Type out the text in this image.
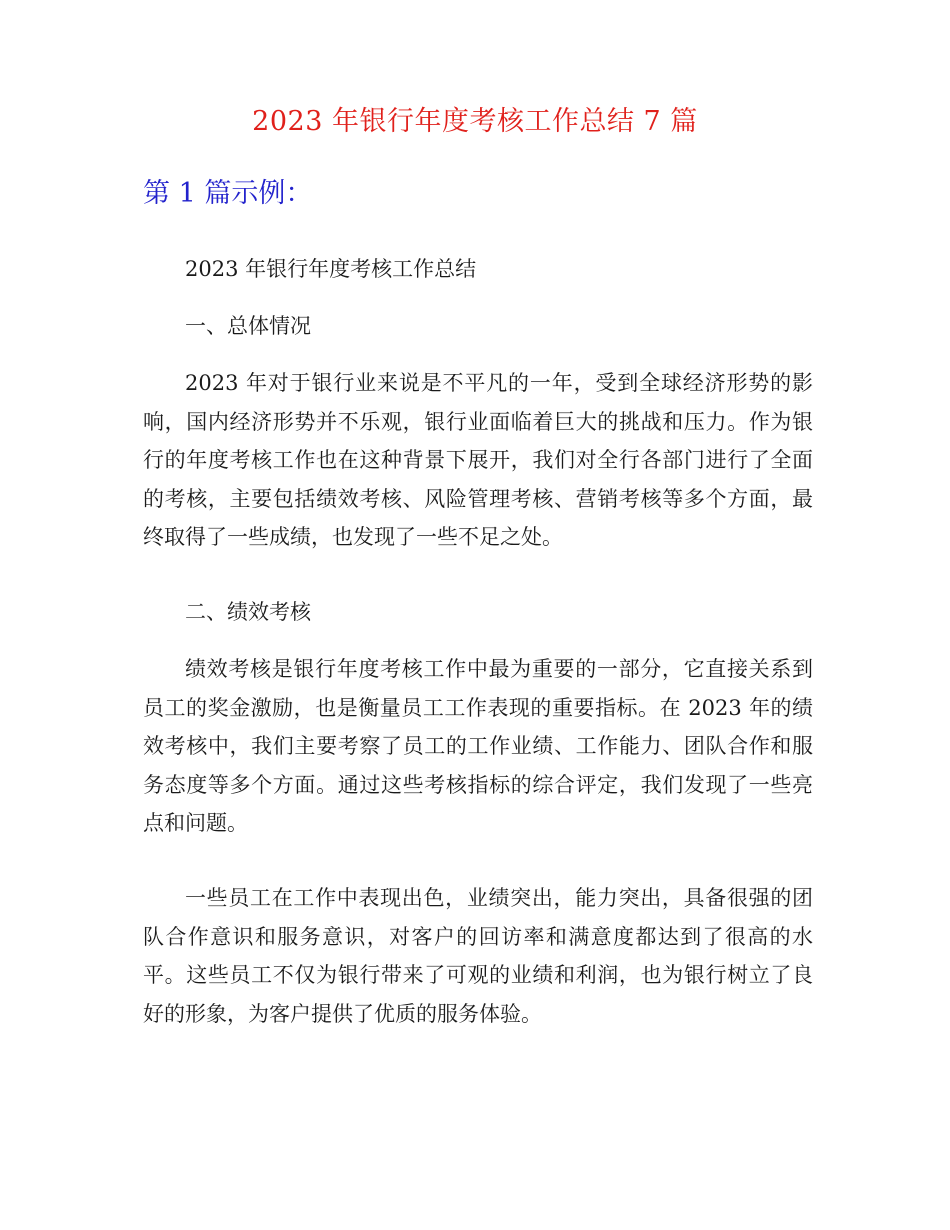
2023 年银行年度考核工作总结 7 篇
第 1 篇示例：

2023 年银行年度考核工作总结

一、总体情况

2023 年对于银行业来说是不平凡的一年，受到全球经济形势的影响，国内经济形势并不乐观，银行业面临着巨大的挑战和压力。作为银行的年度考核工作也在这种背景下展开，我们对全行各部门进行了全面的考核，主要包括绩效考核、风险管理考核、营销考核等多个方面，最终取得了一些成绩，也发现了一些不足之处。

二、绩效考核

绩效考核是银行年度考核工作中最为重要的一部分，它直接关系到员工的奖金激励，也是衡量员工工作表现的重要指标。在 2023 年的绩效考核中，我们主要考察了员工的工作业绩、工作能力、团队合作和服务态度等多个方面。通过这些考核指标的综合评定，我们发现了一些亮点和问题。

一些员工在工作中表现出色，业绩突出，能力突出，具备很强的团队合作意识和服务意识，对客户的回访率和满意度都达到了很高的水平。这些员工不仅为银行带来了可观的业绩和利润，也为银行树立了良好的形象，为客户提供了优质的服务体验。
